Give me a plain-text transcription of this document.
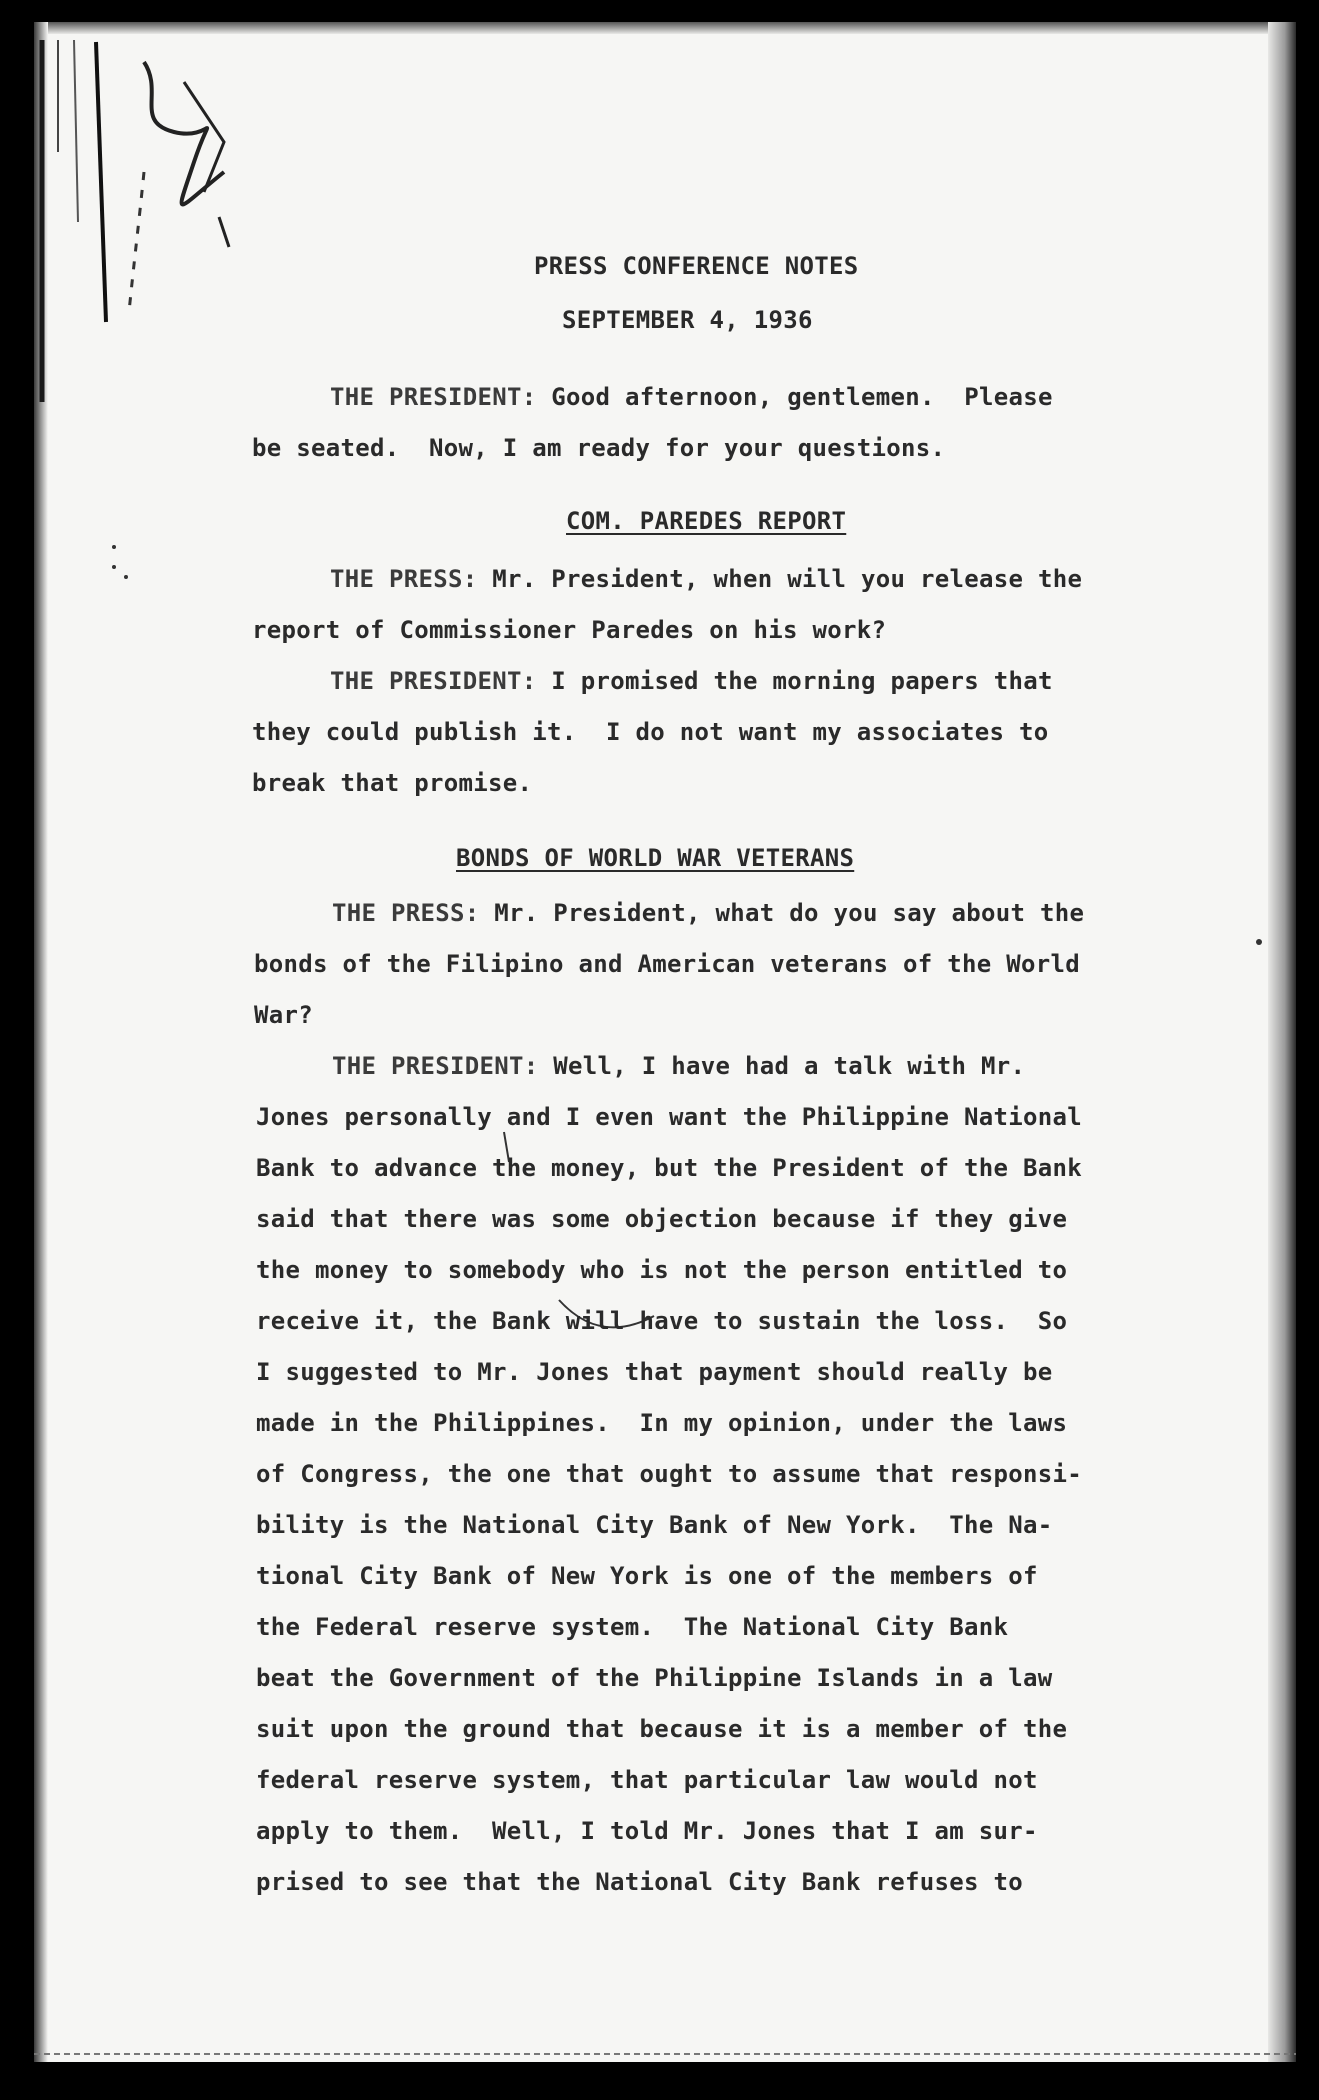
PRESS CONFERENCE NOTES
SEPTEMBER 4, 1936
THE PRESIDENT: Good afternoon, gentlemen.  Please
be seated.  Now, I am ready for your questions.
COM. PAREDES REPORT
THE PRESS: Mr. President, when will you release the
report of Commissioner Paredes on his work?
THE PRESIDENT: I promised the morning papers that
they could publish it.  I do not want my associates to
break that promise.
BONDS OF WORLD WAR VETERANS
THE PRESS: Mr. President, what do you say about the
bonds of the Filipino and American veterans of the World
War?
THE PRESIDENT: Well, I have had a talk with Mr.
Jones personally and I even want the Philippine National
Bank to advance the money, but the President of the Bank
said that there was some objection because if they give
the money to somebody who is not the person entitled to
receive it, the Bank will have to sustain the loss.  So
I suggested to Mr. Jones that payment should really be
made in the Philippines.  In my opinion, under the laws
of Congress, the one that ought to assume that responsi-
bility is the National City Bank of New York.  The Na-
tional City Bank of New York is one of the members of
the Federal reserve system.  The National City Bank
beat the Government of the Philippine Islands in a law
suit upon the ground that because it is a member of the
federal reserve system, that particular law would not
apply to them.  Well, I told Mr. Jones that I am sur-
prised to see that the National City Bank refuses to
